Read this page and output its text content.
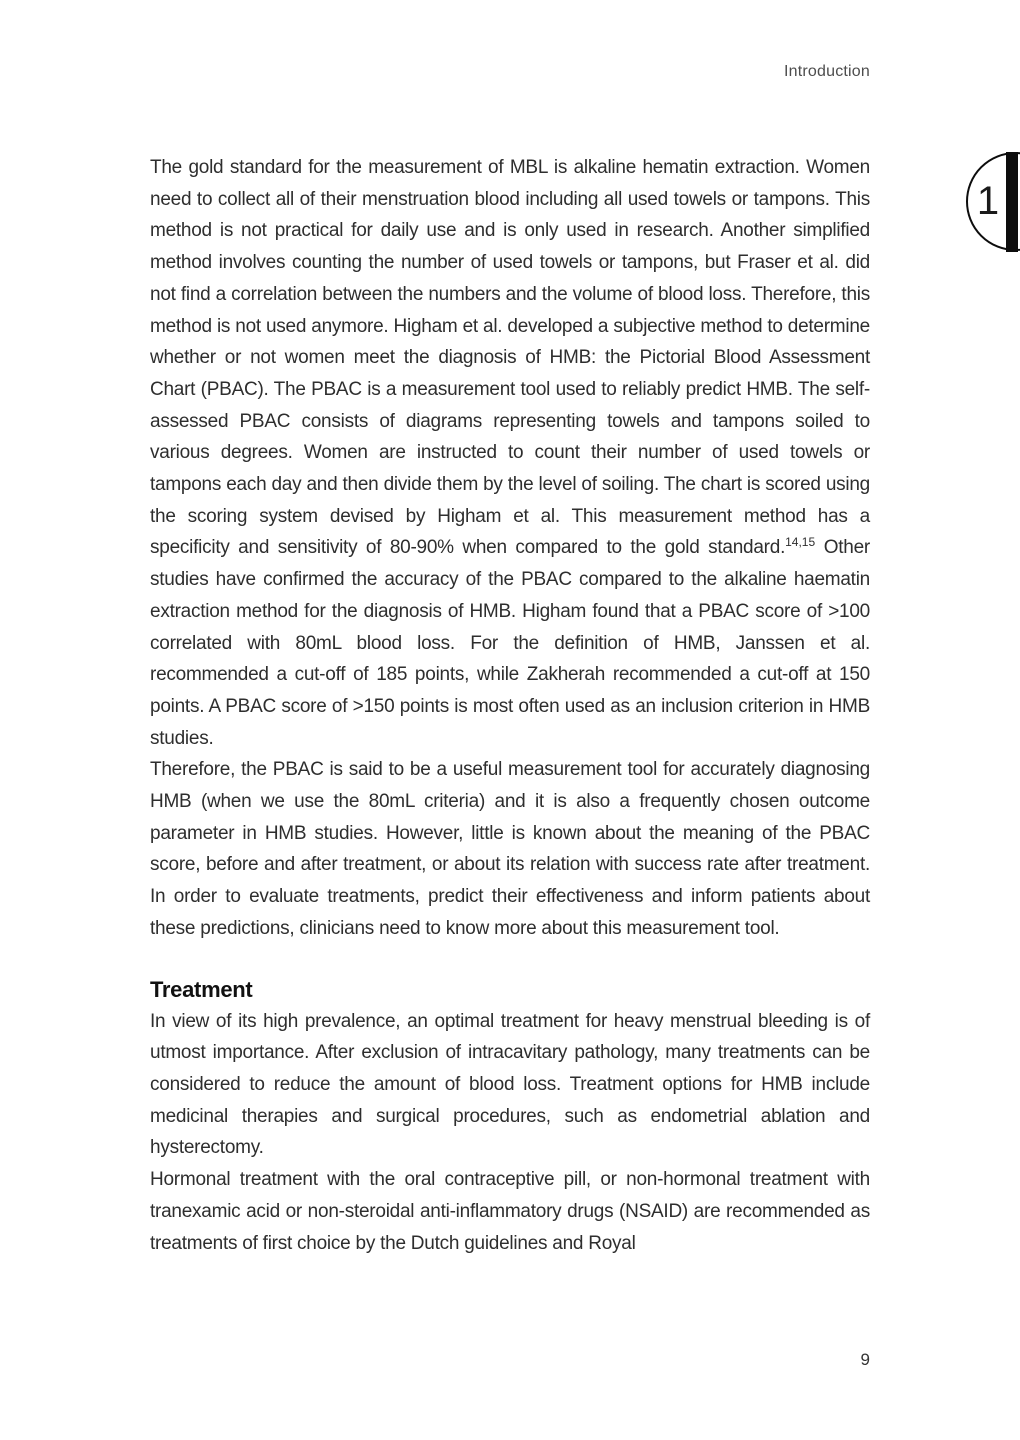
Introduction
1

The gold standard for the measurement of MBL is alkaline hematin extraction. Women need to collect all of their menstruation blood including all used towels or tampons. This method is not practical for daily use and is only used in research. Another simplified method involves counting the number of used towels or tampons, but Fraser et al. did not find a correlation between the numbers and the volume of blood loss. Therefore, this method is not used anymore. Higham et al. developed a subjective method to determine whether or not women meet the diagnosis of HMB: the Pictorial Blood Assessment Chart (PBAC). The PBAC is a measurement tool used to reliably predict HMB. The self-assessed PBAC consists of diagrams representing towels and tampons soiled to various degrees. Women are instructed to count their number of used towels or tampons each day and then divide them by the level of soiling. The chart is scored using the scoring system devised by Higham et al. This measurement method has a specificity and sensitivity of 80-90% when compared to the gold standard.$^{14,15}$ Other studies have confirmed the accuracy of the PBAC compared to the alkaline haematin extraction method for the diagnosis of HMB. Higham found that a PBAC score of >100 correlated with 80mL blood loss. For the definition of HMB, Janssen et al. recommended a cut-off of 185 points, while Zakherah recommended a cut-off at 150 points. A PBAC score of >150 points is most often used as an inclusion criterion in HMB studies.

Therefore, the PBAC is said to be a useful measurement tool for accurately diagnosing HMB (when we use the 80mL criteria) and it is also a frequently chosen outcome parameter in HMB studies. However, little is known about the meaning of the PBAC score, before and after treatment, or about its relation with success rate after treatment. In order to evaluate treatments, predict their effectiveness and inform patients about these predictions, clinicians need to know more about this measurement tool.

Treatment

In view of its high prevalence, an optimal treatment for heavy menstrual bleeding is of utmost importance. After exclusion of intracavitary pathology, many treatments can be considered to reduce the amount of blood loss. Treatment options for HMB include medicinal therapies and surgical procedures, such as endometrial ablation and hysterectomy.

Hormonal treatment with the oral contraceptive pill, or non-hormonal treatment with tranexamic acid or non-steroidal anti-inflammatory drugs (NSAID) are recommended as treatments of first choice by the Dutch guidelines and Royal

9
